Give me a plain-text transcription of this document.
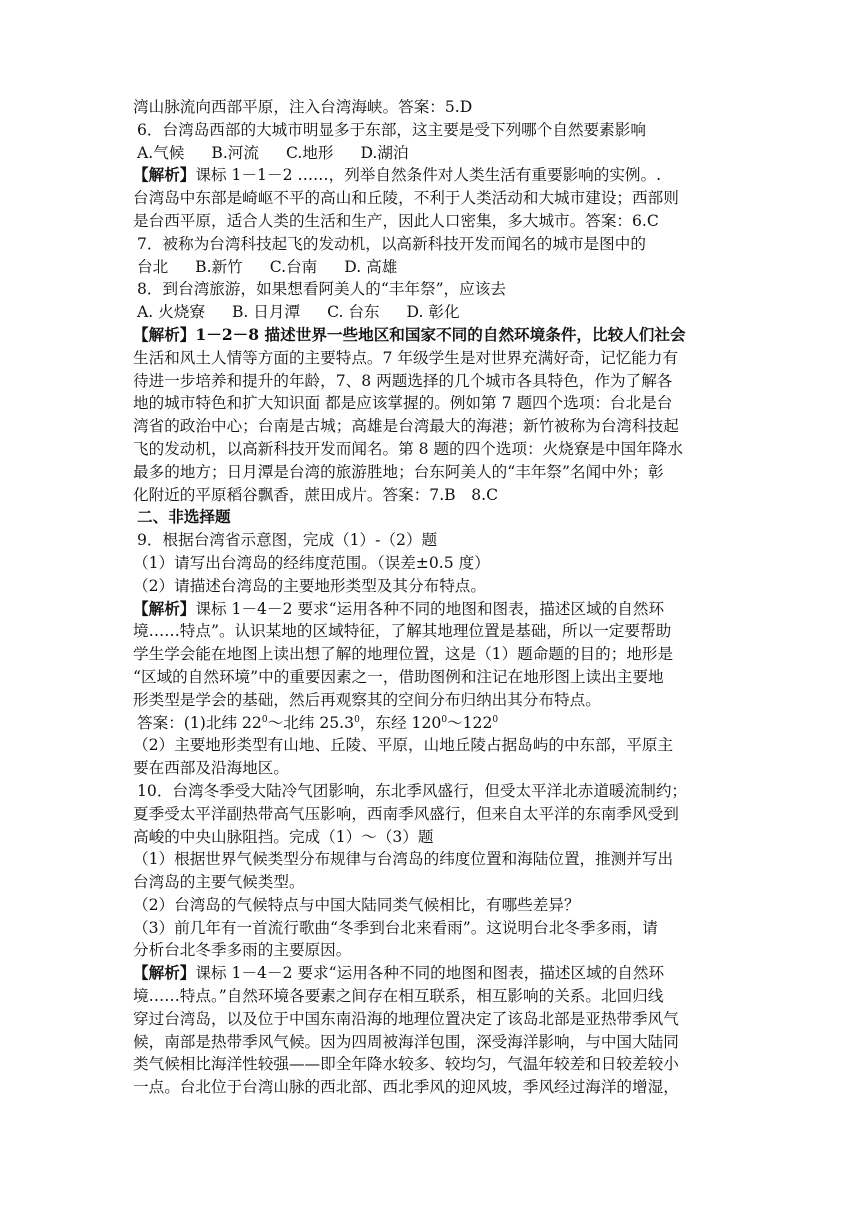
湾山脉流向西部平原，注入台湾海峡。答案：5.D

6．台湾岛西部的大城市明显多于东部，这主要是受下列哪个自然要素影响

A.气候 B.河流 C.地形 D.湖泊

【解析】课标 1－1－2 ……，列举自然条件对人类生活有重要影响的实例。.

台湾岛中东部是崎岖不平的高山和丘陵，不利于人类活动和大城市建设；西部则

是台西平原，适合人类的生活和生产，因此人口密集，多大城市。答案：6.C

7．被称为台湾科技起飞的发动机，以高新科技开发而闻名的城市是图中的

台北 B.新竹 C.台南 D. 高雄

8．到台湾旅游，如果想看阿美人的“丰年祭”，应该去

A. 火烧寮 B. 日月潭 C. 台东 D. 彰化

【解析】1－2－8 描述世界一些地区和国家不同的自然环境条件，比较人们社会

生活和风土人情等方面的主要特点。7 年级学生是对世界充满好奇，记忆能力有

待进一步培养和提升的年龄，7、8 两题选择的几个城市各具特色，作为了解各

地的城市特色和扩大知识面 都是应该掌握的。例如第 7 题四个选项：台北是台

湾省的政治中心；台南是古城；高雄是台湾最大的海港；新竹被称为台湾科技起

飞的发动机，以高新科技开发而闻名。第 8 题的四个选项：火烧寮是中国年降水

最多的地方；日月潭是台湾的旅游胜地；台东阿美人的“丰年祭”名闻中外；彰

化附近的平原稻谷飘香，蔗田成片。答案：7.B　8.C

二、非选择题

9．根据台湾省示意图，完成（1）-（2）题

（1）请写出台湾岛的经纬度范围。（误差±0.5 度）

（2）请描述台湾岛的主要地形类型及其分布特点。

【解析】课标 1－4－2 要求“运用各种不同的地图和图表，描述区域的自然环

境……特点”。认识某地的区域特征，了解其地理位置是基础，所以一定要帮助

学生学会能在地图上读出想了解的地理位置，这是（1）题命题的目的；地形是

“区域的自然环境”中的重要因素之一，借助图例和注记在地形图上读出主要地

形类型是学会的基础，然后再观察其的空间分布归纳出其分布特点。

答案：(1)北纬 $22^0\sim$北纬 25.3$^0$，东经 $120^0\sim 122^0$

（2）主要地形类型有山地、丘陵、平原，山地丘陵占据岛屿的中东部，平原主

要在西部及沿海地区。

10．台湾冬季受大陆冷气团影响，东北季风盛行，但受太平洋北赤道暖流制约；

夏季受太平洋副热带高气压影响，西南季风盛行，但来自太平洋的东南季风受到

高峻的中央山脉阻挡。完成（1）～（3）题

（1）根据世界气候类型分布规律与台湾岛的纬度位置和海陆位置，推测并写出

台湾岛的主要气候类型。

（2）台湾岛的气候特点与中国大陆同类气候相比，有哪些差异？

（3）前几年有一首流行歌曲“冬季到台北来看雨”。这说明台北冬季多雨，请

分析台北冬季多雨的主要原因。

【解析】课标 1－4－2 要求“运用各种不同的地图和图表，描述区域的自然环

境……特点。”自然环境各要素之间存在相互联系，相互影响的关系。北回归线

穿过台湾岛，以及位于中国东南沿海的地理位置决定了该岛北部是亚热带季风气

候，南部是热带季风气候。因为四周被海洋包围，深受海洋影响，与中国大陆同

类气候相比海洋性较强——即全年降水较多、较均匀，气温年较差和日较差较小

一点。台北位于台湾山脉的西北部、西北季风的迎风坡，季风经过海洋的增湿，
